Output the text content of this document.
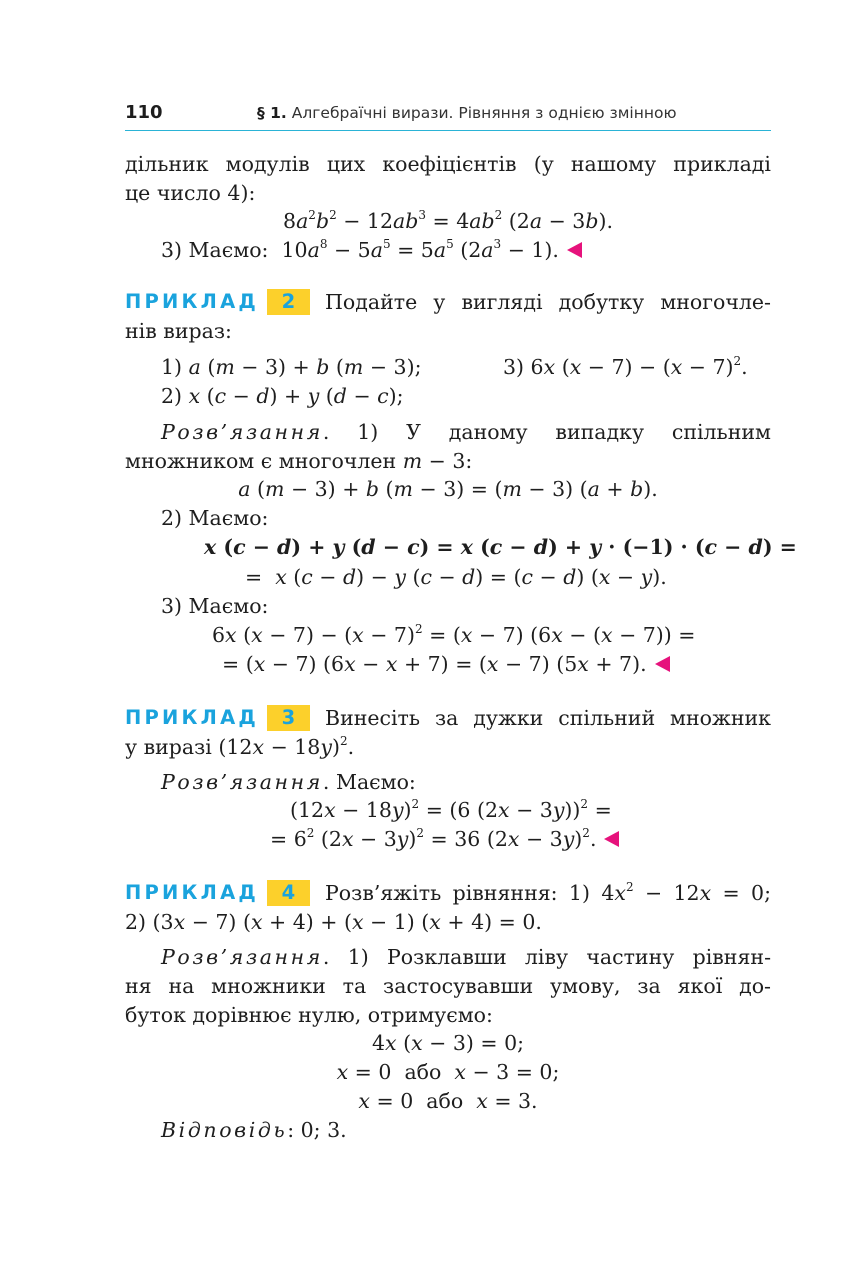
110	§ 1. Алгебраїчні вирази. Рівняння з однією змінною
дільник модулів цих коефіцієнтів (у нашому прикладі
це число 4):
$8a^2b^2 - 12ab^3 = 4ab^2$ (2a − 3b).
3) Маємо:  $10a^8 - 5a^5 = 5a^5$ $(2a^3 - 1)$.
ПРИКЛАД	2	Подайте у вигляді добутку многочле-
нів вираз:
1) a (m − 3) + b (m − 3);	3) 6x $(x - 7) - (x - 7)^2$.
2) x (c − d) + y (d − c);
Розв’язання. 1) У даному випадку спільним
множником є многочлен m − 3:
a (m − 3) + b (m − 3) = (m − 3) (a + b).
2) Маємо:
x (c − d) + y (d − c) = x (c − d) + y · (−1) · (c − d) =
=  x (c − d) − y (c − d) = (c − d) (x − y).
3) Маємо:
6x $(x - 7) - (x - 7)^2 = (x - 7)$ (6x − (x − 7)) =
= (x − 7) (6x − x + 7) = (x − 7) (5x + 7).
ПРИКЛАД	3	Винесіть за дужки спільний множник
у виразі $(12x - 18y)^2$.
Розв’язання. Маємо:
$(12x - 18y)^2 = (6$ (2x − 3y))$^2$ =
= $6^2$ $(2x - 3y)^2 = 36$ $(2x - 3y)^2$.
ПРИКЛАД	4	Розв’яжіть рівняння: 1) $4x^2 - 12x = 0$;
2) (3x − 7) (x + 4) + (x − 1) (x + 4) = 0.
Розв’язання. 1) Розклавши ліву частину рівнян-
ня на множники та застосувавши умову, за якої до-
буток дорівнює нулю, отримуємо:
4x (x − 3) = 0;
x = 0  або x − 3 = 0;
x = 0  або x = 3.
Відповідь: 0; 3.
